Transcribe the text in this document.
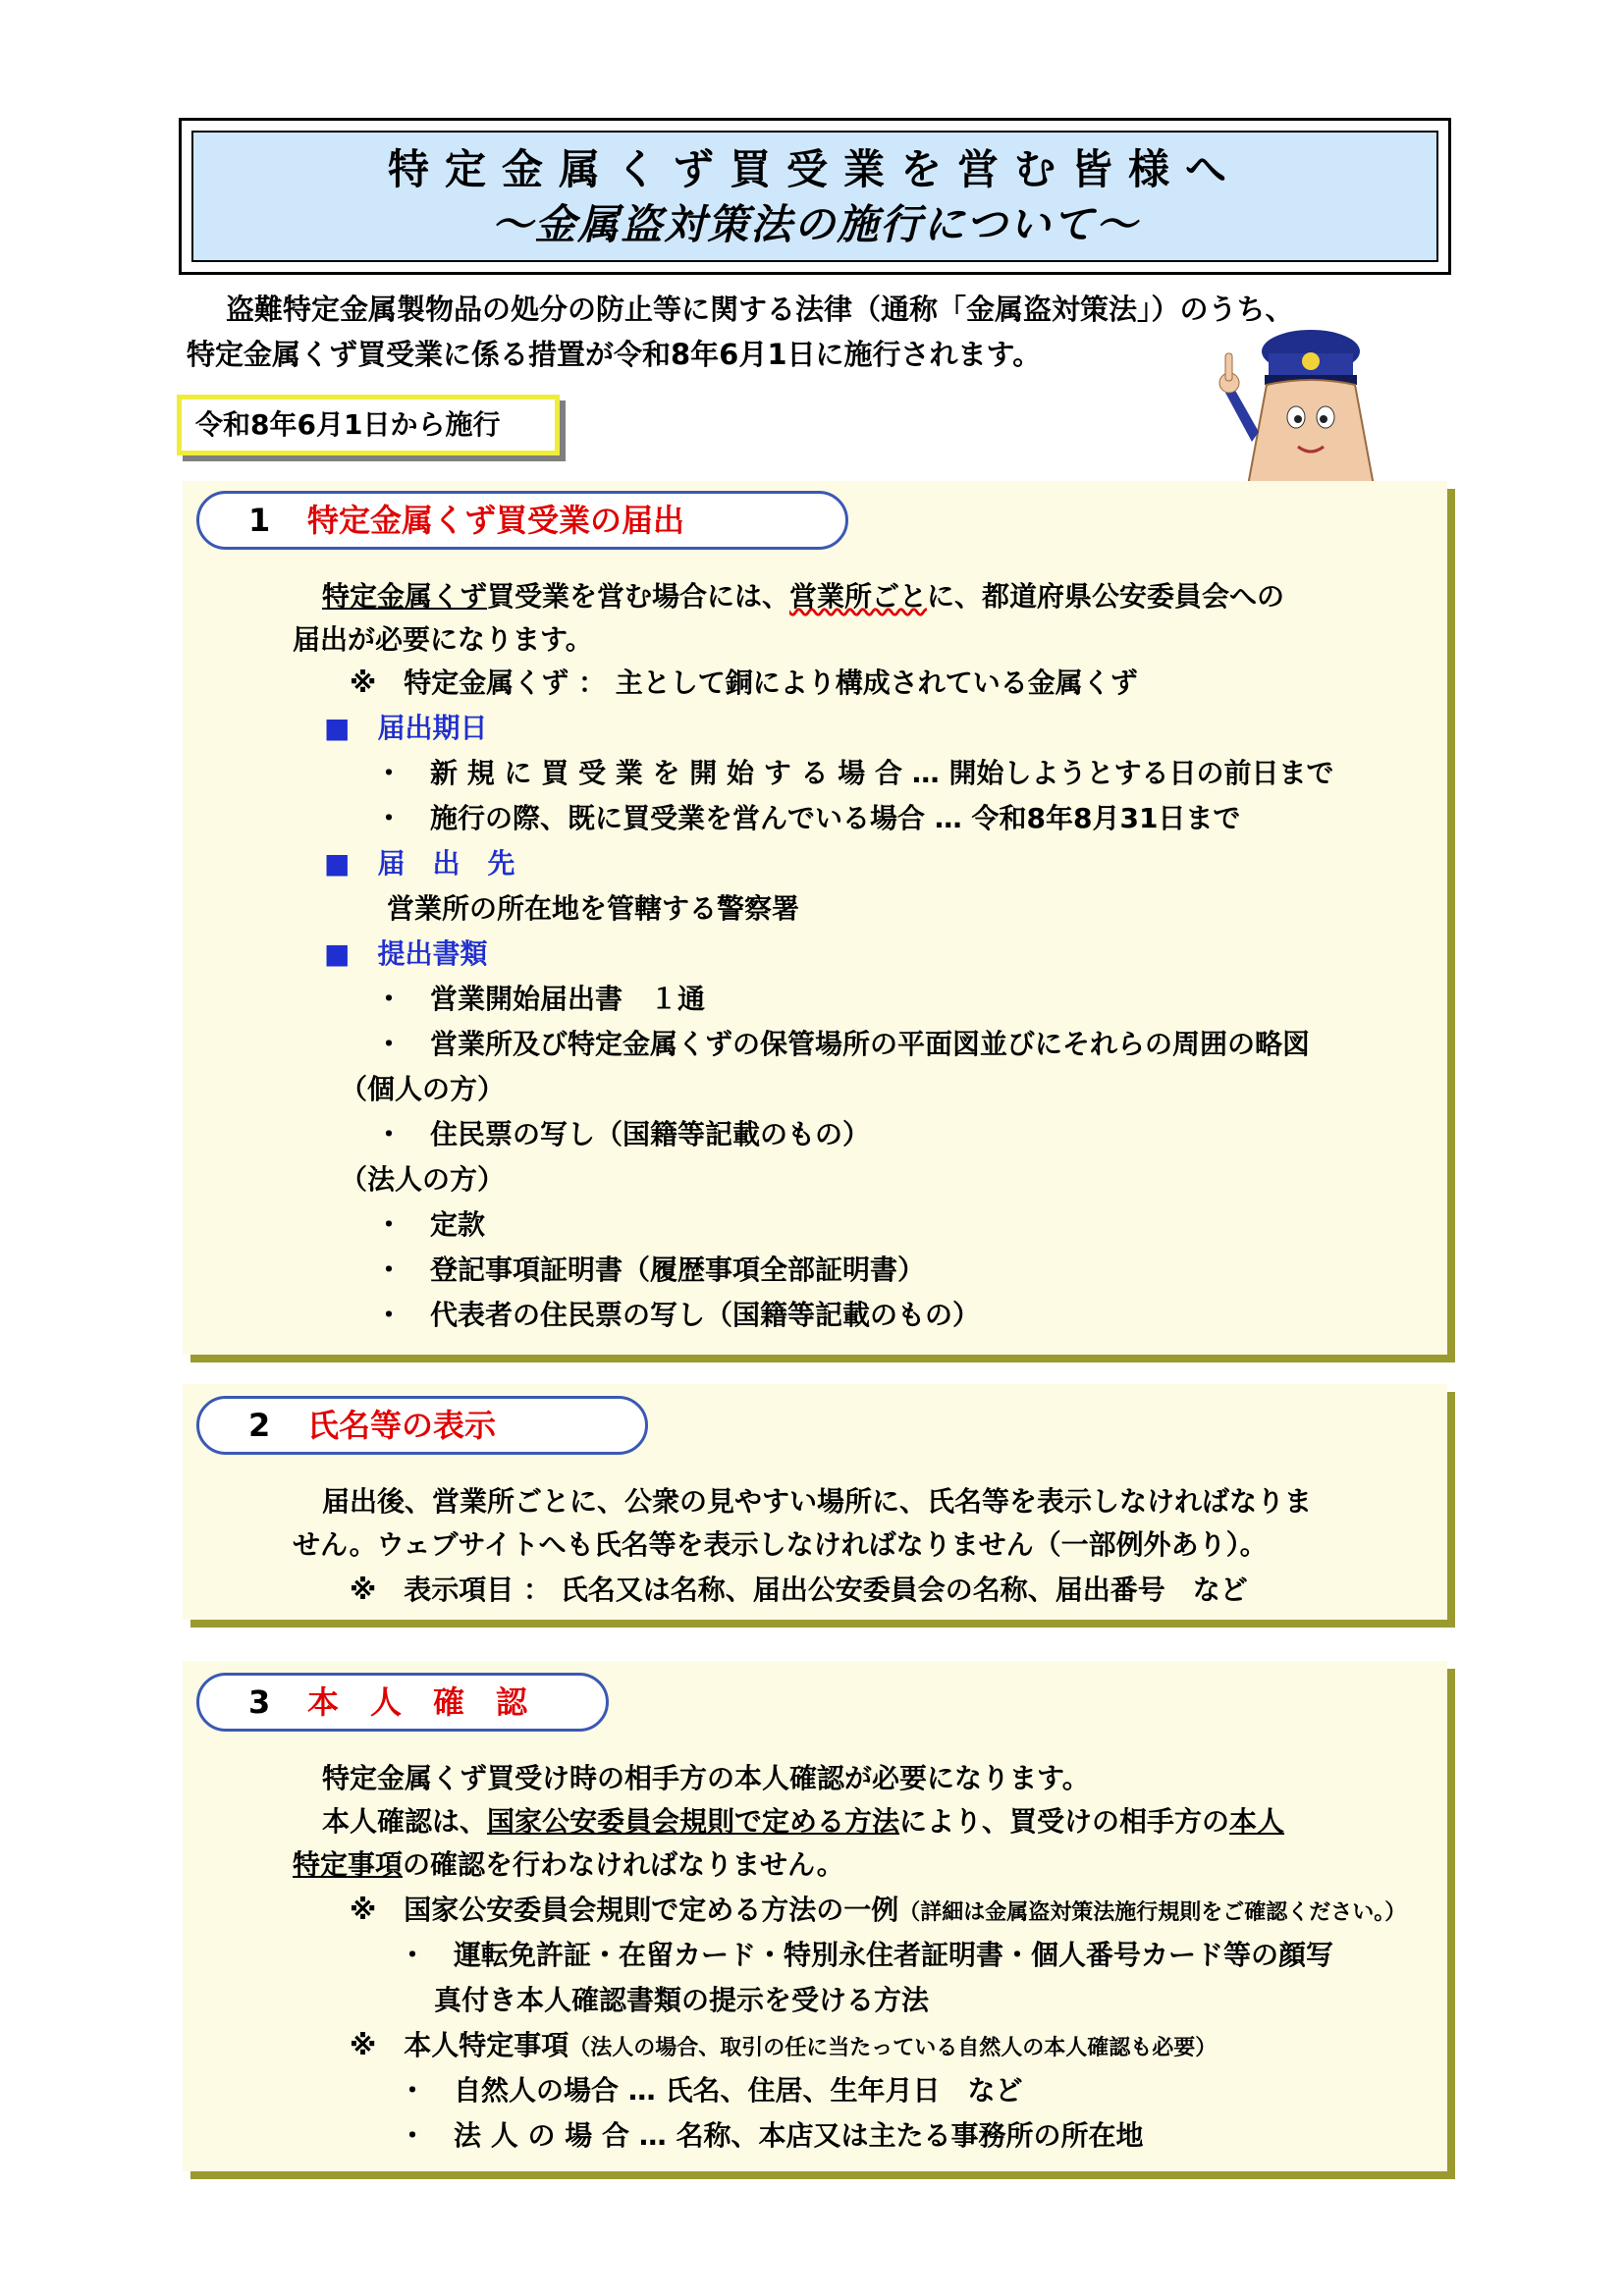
特定金属くず買受業を営む皆様へ
～金属盗対策法の施行について～

盗難特定金属製物品の処分の防止等に関する法律（通称「金属盗対策法」）のうち、

特定金属くず買受業に係る措置が令和8年6月1日に施行されます。

令和8年6月1日から施行
1 特定金属くず買受業の届出
特定金属くず買受業を営む場合には、営業所ごとに、都道府県公安委員会への
届出が必要になります。
※　特定金属くず ： 主として銅により構成されている金属くず
■　届出期日
・　新 規 に 買 受 業 を 開 始 す る 場 合 … 開始しようとする日の前日まで
・　施行の際、既に買受業を営んでいる場合 … 令和8年8月31日まで
■　届　出　先
営業所の所在地を管轄する警察署
■　提出書類
・　営業開始届出書　１通
・　営業所及び特定金属くずの保管場所の平面図並びにそれらの周囲の略図
（個人の方）
・　住民票の写し（国籍等記載のもの）
（法人の方）
・　定款
・　登記事項証明書（履歴事項全部証明書）
・　代表者の住民票の写し（国籍等記載のもの）
2 氏名等の表示
届出後、営業所ごとに、公衆の見やすい場所に、氏名等を表示しなければなりま
せん。ウェブサイトへも氏名等を表示しなければなりません（一部例外あり）。
※　表示項目 ： 氏名又は名称、届出公安委員会の名称、届出番号　など
3 本　人　確　認
特定金属くず買受け時の相手方の本人確認が必要になります。
本人確認は、国家公安委員会規則で定める方法により、買受けの相手方の本人
特定事項の確認を行わなければなりません。
※　国家公安委員会規則で定める方法の一例（詳細は金属盗対策法施行規則をご確認ください。）
・　運転免許証・在留カード・特別永住者証明書・個人番号カード等の顔写
真付き本人確認書類の提示を受ける方法
※　本人特定事項（法人の場合、取引の任に当たっている自然人の本人確認も必要）
・　自然人の場合 … 氏名、住居、生年月日　など
・　法 人 の 場 合 … 名称、本店又は主たる事務所の所在地
